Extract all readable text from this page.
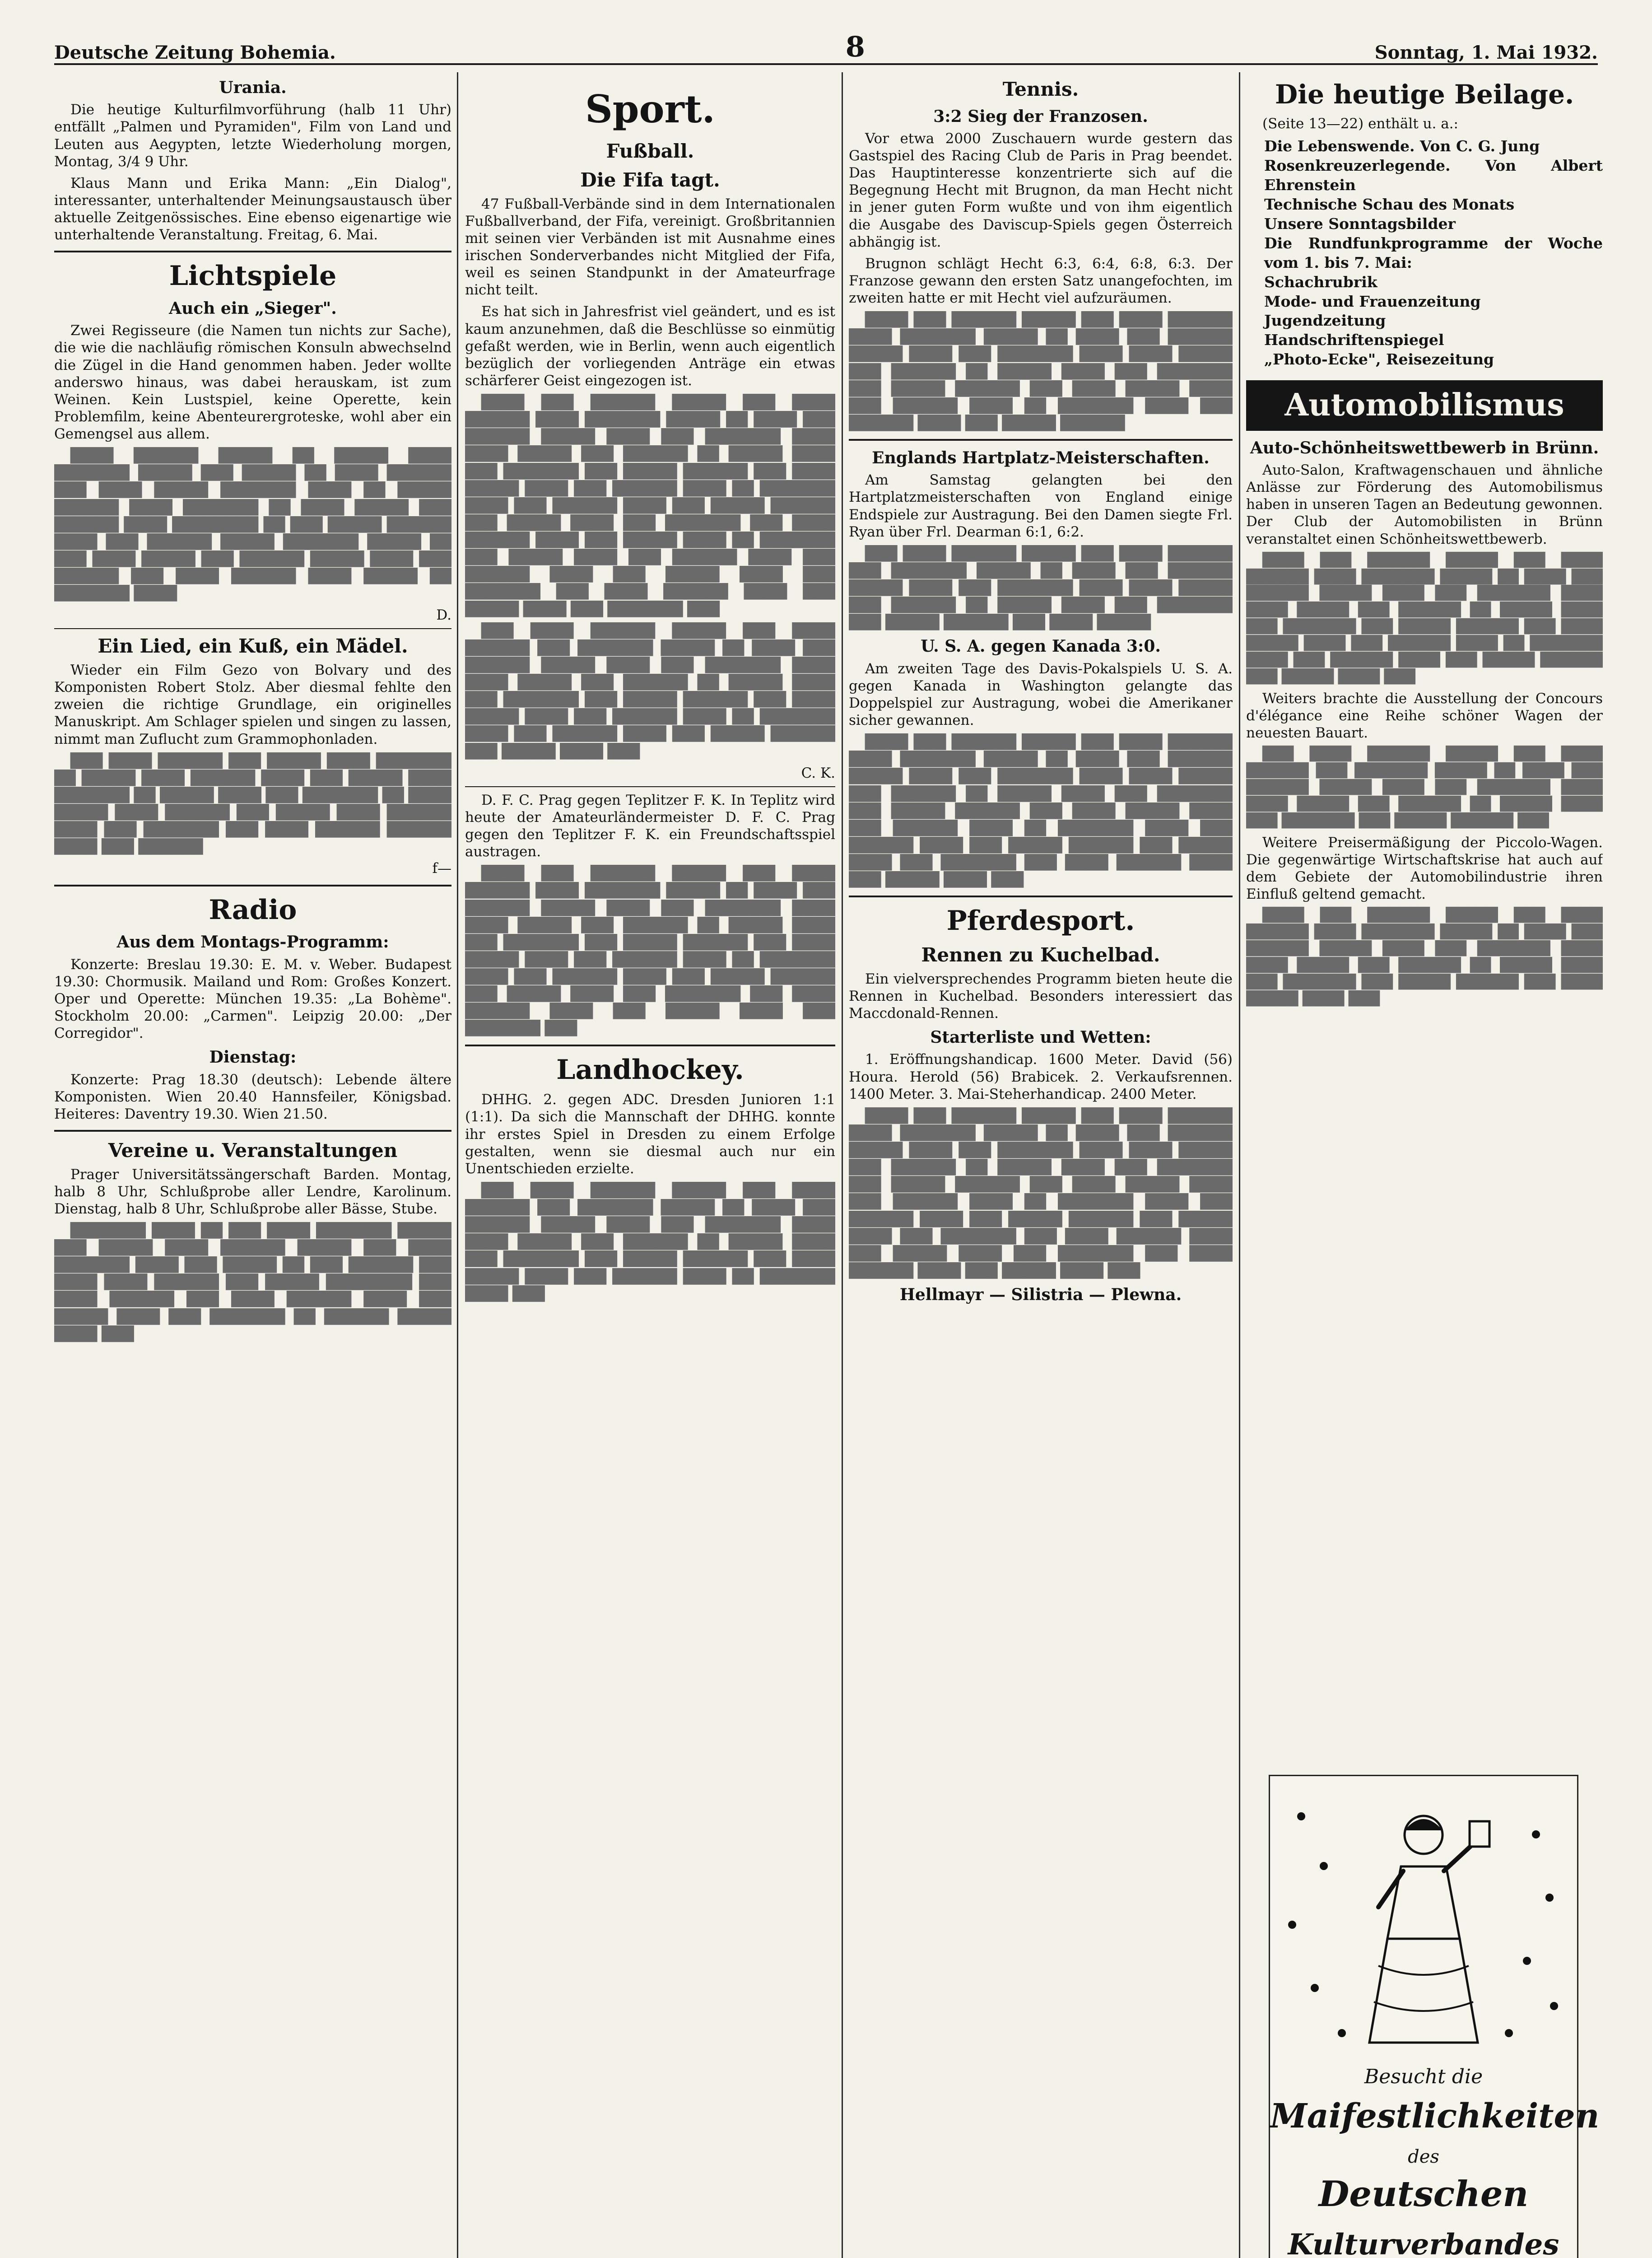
Deutsche Zeitung Bohemia.	8	Sonntag, 1. Mai 1932.
Urania.

Die heutige Kulturfilmvorführung (halb 11 Uhr) entfällt „Palmen und Pyramiden", Film von Land und Leuten aus Aegypten, letzte Wiederholung morgen, Montag, 3/4 9 Uhr.

Klaus Mann und Erika Mann: „Ein Dialog", interessanter, unterhaltender Meinungsaustausch über aktuelle Zeitgenössisches. Eine ebenso eigenartige wie unterhaltende Veranstaltung. Freitag, 6. Mai.

Lichtspiele
Auch ein „Sieger".

Zwei Regisseure (die Namen tun nichts zur Sache), die wie die nachläufig römischen Konsuln abwechselnd die Zügel in die Hand genommen haben. Jeder wollte anderswo hinaus, was dabei herauskam, ist zum Weinen. Kein Lustspiel, keine Operette, kein Problemfilm, keine Abenteurergroteske, wohl aber ein Gemengsel aus allem.

████ ██████ █████ ██ █████ ████ ███████ █████ ███ █████ ██ ████ ██████ ███ ████ █████ ███████ ████ ██ █████ ██████ ████ ███████ ██ ████ █████ ███ ██████ ████ ████████ ██ ███ █████ ██████ ████ ███ ██████ █████ ███████ █████ ██ ███ ████ █████ ███ ██████ █████ ████ ███ ██████ ███ ████ ██████ ████ █████ ██ ███████ ████

D.
Ein Lied, ein Kuß, ein Mädel.

Wieder ein Film Gezo von Bolvary und des Komponisten Robert Stolz. Aber diesmal fehlte den zweien die richtige Grundlage, ein originelles Manuskript. Am Schlager spielen und singen zu lassen, nimmt man Zuflucht zum Grammophonladen.

███ ████ ██████ ███ █████ ████ ███████ ██ █████ ████ ██████ ████ ███ █████ ████ ███████ ██ █████ ████ ███ ███████ ██ ████ █████ ████ ██████ ███ █████ ████ ██████ ████ ███ ███████ ███ ████ ██████ ██████ ████ ███ ██████

f—
Radio
Aus dem Montags-Programm:

Konzerte: Breslau 19.30: E. M. v. Weber. Budapest 19.30: Chormusik. Mailand und Rom: Großes Konzert. Oper und Operette: München 19.35: „La Bohème". Stockholm 20.00: „Carmen". Leipzig 20.00: „Der Corregidor".

Dienstag:

Konzerte: Prag 18.30 (deutsch): Lebende ältere Komponisten. Wien 20.40 Hannsfeiler, Königsbad. Heiteres: Daventry 19.30. Wien 21.50.

Vereine u. Veranstaltungen

Prager Universitätssängerschaft Barden. Montag, halb 8 Uhr, Schlußprobe aller Lendre, Karolinum. Dienstag, halb 8 Uhr, Schlußprobe aller Bässe, Stube.

███████ ████ ██ ███ ████ ███████ █████ ███ █████ ████ ██████ █████ ███ ████ ███████ ████ ███ █████ ██ ███ ██████ ███ ████ ████ ██████ ███ █████ ████████ ███ ████ ██████ ███ ████ ██████ ████ ███ █████ ████ ███ ███████ ██ ██████ █████ ████ ███

Sport.
Fußball.
Die Fifa tagt.

47 Fußball-Verbände sind in dem Internationalen Fußballverband, der Fifa, vereinigt. Großbritannien mit seinen vier Verbänden ist mit Ausnahme eines irischen Sonderverbandes nicht Mitglied der Fifa, weil es seinen Standpunkt in der Amateurfrage nicht teilt.

Es hat sich in Jahresfrist viel geändert, und es ist kaum anzunehmen, daß die Beschlüsse so einmütig gefaßt werden, wie in Berlin, wenn auch eigentlich bezüglich der vorliegenden Anträge ein etwas schärferer Geist eingezogen ist.

████ ███ ██████ █████ ███ ████ ██████ ████ ███████ █████ ██ ████ ███ ██████ █████ ████ ███ ███████ ████ ████ █████ ███ ██████ ██ █████ ████ ███ ███████ ███ █████ ██████ ███ ████ █████ ████ ███ ██████ ████ ██ ███████ ████ ███ ██████ ████ ███ █████ ██████ ███ █████ ████ ███ ███████ ███ ████ ██████ ████ ███ █████ ████ ██ ███████ ███ █████ ████ ███ ██████ ████ ███ ██████ ████ ███ █████ ████ ███ ███████ ███ ████ ██████ ████ ███ █████ ████ ███ ███████ ███

███ ████ ██████ █████ ███ ████ ██████ ███ ███████ █████ ██ ████ ███ ██████ █████ ████ ███ ███████ ████ ████ █████ ███ ██████ ██ █████ ████ ███ ███████ ███ █████ ██████ ███ ████ █████ ████ ███ ██████ ████ ██ ███████ ████ ███ ██████ ████ ███ █████ ██████ ███ █████ ████ ███

C. K.

D. F. C. Prag gegen Teplitzer F. K. In Teplitz wird heute der Amateurländermeister D. F. C. Prag gegen den Teplitzer F. K. ein Freundschaftsspiel austragen.

████ ███ ██████ █████ ███ ████ ██████ ████ ███████ █████ ██ ████ ███ ██████ █████ ████ ███ ███████ ████ ████ █████ ███ ██████ ██ █████ ████ ███ ███████ ███ █████ ██████ ███ ████ █████ ████ ███ ██████ ████ ██ ███████ ████ ███ ██████ ████ ███ █████ ██████ ███ █████ ████ ███ ███████ ███ ████ ██████ ████ ███ █████ ████ ███ ███████ ███

Landhockey.

DHHG. 2. gegen ADC. Dresden Junioren 1:1 (1:1). Da sich die Mannschaft der DHHG. konnte ihr erstes Spiel in Dresden zu einem Erfolge gestalten, wenn sie diesmal auch nur ein Unentschieden erzielte.

███ ████ ██████ █████ ███ ████ ██████ ███ ███████ █████ ██ ████ ███ ██████ █████ ████ ███ ███████ ████ ████ █████ ███ ██████ ██ █████ ████ ███ ███████ ███ █████ ██████ ███ ████ █████ ████ ███ ██████ ████ ██ ███████ ████ ███

Tennis.
3:2 Sieg der Franzosen.

Vor etwa 2000 Zuschauern wurde gestern das Gastspiel des Racing Club de Paris in Prag beendet. Das Hauptinteresse konzentrierte sich auf die Begegnung Hecht mit Brugnon, da man Hecht nicht in jener guten Form wußte und von ihm eigentlich die Ausgabe des Daviscup-Spiels gegen Österreich abhängig ist.

Brugnon schlägt Hecht 6:3, 6:4, 6:8, 6:3. Der Franzose gewann den ersten Satz unangefochten, im zweiten hatte er mit Hecht viel aufzuräumen.

████ ███ ██████ █████ ███ ████ ██████ ████ ███████ █████ ██ ████ ███ ██████ █████ ████ ███ ███████ ████ ████ █████ ███ ██████ ██ █████ ████ ███ ███████ ███ █████ ██████ ███ ████ █████ ████ ███ ██████ ████ ██ ███████ ████ ███ ██████ ████ ███ █████ ██████

Englands Hartplatz-Meisterschaften.

Am Samstag gelangten bei den Hartplatzmeisterschaften von England einige Endspiele zur Austragung. Bei den Damen siegte Frl. Ryan über Frl. Dearman 6:1, 6:2.

███ ████ ██████ █████ ███ ████ ██████ ███ ███████ █████ ██ ████ ███ ██████ █████ ████ ███ ███████ ████ ████ █████ ███ ██████ ██ █████ ████ ███ ███████ ███ █████ ██████ ███ ████ █████

U. S. A. gegen Kanada 3:0.

Am zweiten Tage des Davis-Pokalspiels U. S. A. gegen Kanada in Washington gelangte das Doppelspiel zur Austragung, wobei die Amerikaner sicher gewannen.

████ ███ ██████ █████ ███ ████ ██████ ████ ███████ █████ ██ ████ ███ ██████ █████ ████ ███ ███████ ████ ████ █████ ███ ██████ ██ █████ ████ ███ ███████ ███ █████ ██████ ███ ████ █████ ████ ███ ██████ ████ ██ ███████ ████ ███ ██████ ████ ███ █████ ██████ ███ █████ ████ ███ ███████ ███ ████ ██████ ████ ███ █████ ████ ███

Pferdesport.
Rennen zu Kuchelbad.

Ein vielversprechendes Programm bieten heute die Rennen in Kuchelbad. Besonders interessiert das Maccdonald-Rennen.

Starterliste und Wetten:

1. Eröffnungshandicap. 1600 Meter. David (56) Houra. Herold (56) Brabicek. 2. Verkaufsrennen. 1400 Meter. 3. Mai-Steherhandicap. 2400 Meter.

████ ███ ██████ █████ ███ ████ ██████ ████ ███████ █████ ██ ████ ███ ██████ █████ ████ ███ ███████ ████ ████ █████ ███ ██████ ██ █████ ████ ███ ███████ ███ █████ ██████ ███ ████ █████ ████ ███ ██████ ████ ██ ███████ ████ ███ ██████ ████ ███ █████ ██████ ███ █████ ████ ███ ███████ ███ ████ ██████ ████ ███ █████ ████ ███ ███████ ███ ████ ██████ ████ ███ █████ ████ ███

Hellmayr — Silistria — Plewna.
Die heutige Beilage.

(Seite 13—22) enthält u. a.:

Die Lebenswende. Von C. G. Jung
Rosenkreuzerlegende. Von Albert Ehrenstein
Technische Schau des Monats
Unsere Sonntagsbilder
Die Rundfunkprogramme der Woche vom 1. bis 7. Mai:
Schachrubrik
Mode- und Frauenzeitung
Jugendzeitung
Handschriftenspiegel
„Photo-Ecke", Reisezeitung
Automobilismus
Auto-Schönheitswettbewerb in Brünn.

Auto-Salon, Kraftwagenschauen und ähnliche Anlässe zur Förderung des Automobilismus haben in unseren Tagen an Bedeutung gewonnen. Der Club der Automobilisten in Brünn veranstaltet einen Schönheitswettbewerb.

████ ███ ██████ █████ ███ ████ ██████ ████ ███████ █████ ██ ████ ███ ██████ █████ ████ ███ ███████ ████ ████ █████ ███ ██████ ██ █████ ████ ███ ███████ ███ █████ ██████ ███ ████ █████ ████ ███ ██████ ████ ██ ███████ ████ ███ ██████ ████ ███ █████ ██████ ███ █████ ████ ███

Weiters brachte die Ausstellung der Concours d'élégance eine Reihe schöner Wagen der neuesten Bauart.

███ ████ ██████ █████ ███ ████ ██████ ███ ███████ █████ ██ ████ ███ ██████ █████ ████ ███ ███████ ████ ████ █████ ███ ██████ ██ █████ ████ ███ ███████ ███ █████ ██████ ███

Weitere Preisermäßigung der Piccolo-Wagen. Die gegenwärtige Wirtschaftskrise hat auch auf dem Gebiete der Automobilindustrie ihren Einfluß geltend gemacht.

████ ███ ██████ █████ ███ ████ ██████ ████ ███████ █████ ██ ████ ███ ██████ █████ ████ ███ ███████ ████ ████ █████ ███ ██████ ██ █████ ████ ███ ███████ ███ █████ ██████ ███ ████ █████ ████ ███

Besucht die
Maifestlichkeiten
des
Deutschen
Kulturverbandes
